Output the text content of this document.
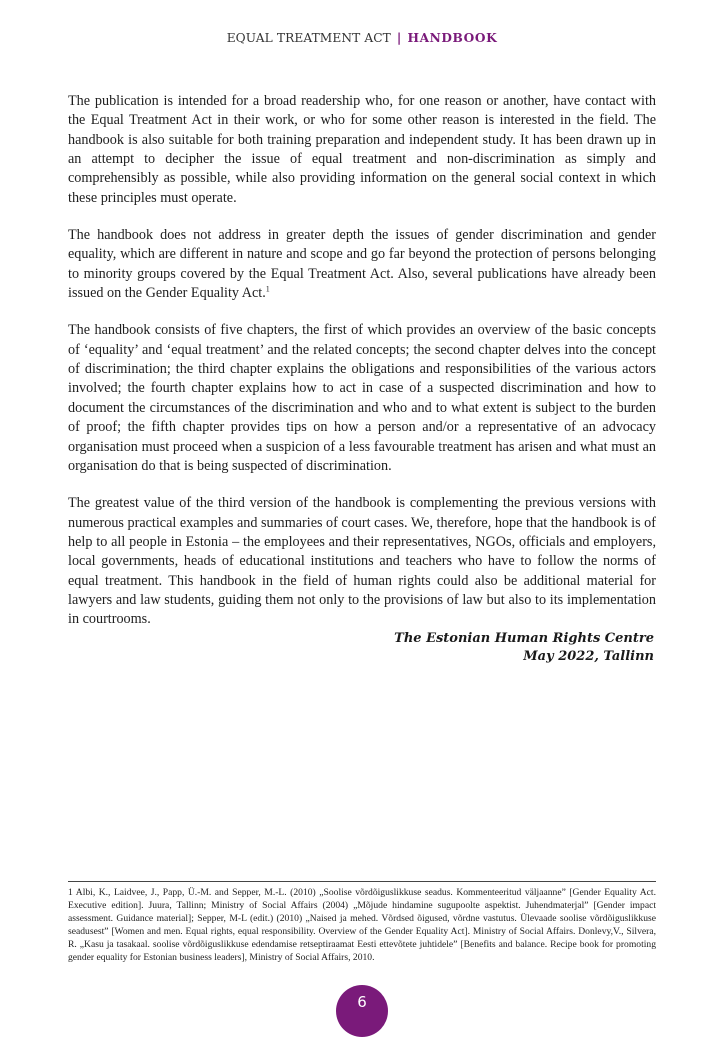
EQUAL TREATMENT ACT | HANDBOOK

The publication is intended for a broad readership who, for one reason or another, have contact with the Equal Treatment Act in their work, or who for some other reason is interested in the field. The handbook is also suitable for both training preparation and independent study. It has been drawn up in an attempt to decipher the issue of equal treatment and non-discrimination as simply and comprehensibly as possible, while also providing information on the general social context in which these principles must operate.

The handbook does not address in greater depth the issues of gender discrimination and gender equality, which are different in nature and scope and go far beyond the protection of persons belonging to minority groups covered by the Equal Treatment Act. Also, several publications have already been issued on the Gender Equality Act.$^1$

The handbook consists of five chapters, the first of which provides an overview of the basic concepts of ‘equality’ and ‘equal treatment’ and the related concepts; the second chapter delves into the concept of discrimination; the third chapter explains the obligations and responsibilities of the various actors involved; the fourth chapter explains how to act in case of a suspected discrimination and how to document the circumstances of the discrimination and who and to what extent is subject to the burden of proof; the fifth chapter provides tips on how a person and/or a representative of an advocacy organisation must proceed when a suspicion of a less favourable treatment has arisen and what must an organisation do that is being suspected of discrimination.

The greatest value of the third version of the handbook is complementing the previous versions with numerous practical examples and summaries of court cases. We, therefore, hope that the handbook is of help to all people in Estonia – the employees and their representatives, NGOs, officials and employers, local governments, heads of educational institutions and teachers who have to follow the norms of equal treatment. This handbook in the field of human rights could also be additional material for lawyers and law students, guiding them not only to the provisions of law but also to its implementation in courtrooms.

The Estonian Human Rights Centre
May 2022, Tallinn
1 Albi, K., Laidvee, J., Papp, Ü.-M. and Sepper, M.-L. (2010) „Soolise võrdõiguslikkuse seadus. Kommenteeritud väljaanne” [Gender Equality Act. Executive edition]. Juura, Tallinn; Ministry of Social Affairs (2004) „Mõjude hindamine sugupoolte aspektist. Juhendmaterjal” [Gender impact assessment. Guidance material]; Sepper, M-L (edit.) (2010) „Naised ja mehed. Võrdsed õigused, võrdne vastutus. Ülevaade soolise võrdõiguslikkuse seadusest” [Women and men. Equal rights, equal responsibility. Overview of the Gender Equality Act]. Ministry of Social Affairs. Donlevy,V., Silvera, R. „Kasu ja tasakaal. soolise võrdõiguslikkuse edendamise retseptiraamat Eesti ettevõtete juhtidele” [Benefits and balance. Recipe book for promoting gender equality for Estonian business leaders], Ministry of Social Affairs, 2010.
6
